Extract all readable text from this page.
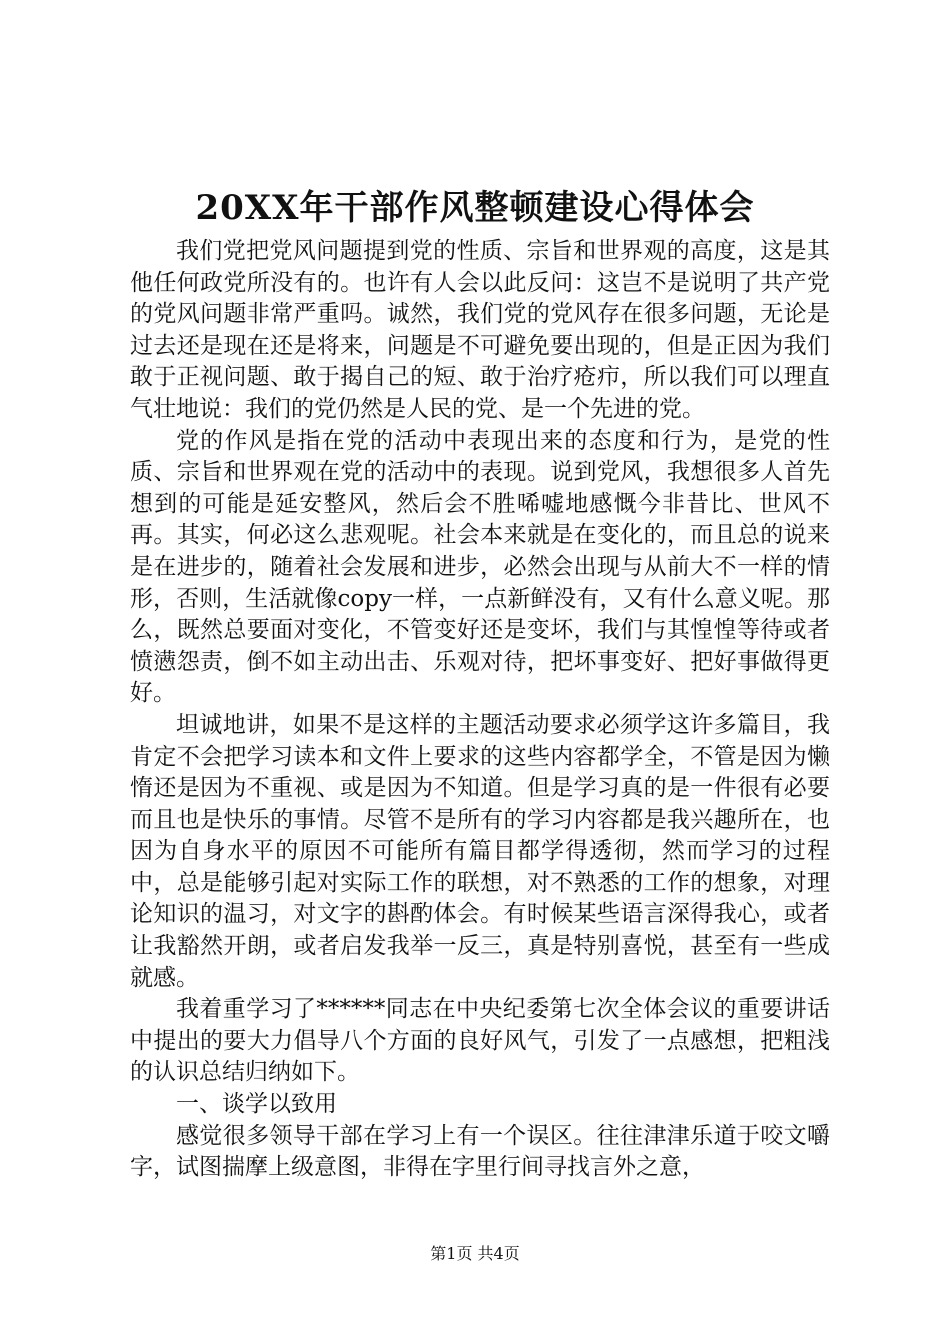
20XX年干部作风整顿建设心得体会

我们党把党风问题提到党的性质、宗旨和世界观的高度，这是其他任何政党所没有的。也许有人会以此反问：这岂不是说明了共产党的党风问题非常严重吗。诚然，我们党的党风存在很多问题，无论是过去还是现在还是将来，问题是不可避免要出现的，但是正因为我们敢于正视问题、敢于揭自己的短、敢于治疗疮疖，所以我们可以理直气壮地说：我们的党仍然是人民的党、是一个先进的党。

党的作风是指在党的活动中表现出来的态度和行为，是党的性质、宗旨和世界观在党的活动中的表现。说到党风，我想很多人首先想到的可能是延安整风，然后会不胜唏嘘地感慨今非昔比、世风不再。其实，何必这么悲观呢。社会本来就是在变化的，而且总的说来是在进步的，随着社会发展和进步，必然会出现与从前大不一样的情形，否则，生活就像copy一样，一点新鲜没有，又有什么意义呢。那么，既然总要面对变化，不管变好还是变坏，我们与其惶惶等待或者愤懑怨责，倒不如主动出击、乐观对待，把坏事变好、把好事做得更好。

坦诚地讲，如果不是这样的主题活动要求必须学这许多篇目，我肯定不会把学习读本和文件上要求的这些内容都学全，不管是因为懒惰还是因为不重视、或是因为不知道。但是学习真的是一件很有必要而且也是快乐的事情。尽管不是所有的学习内容都是我兴趣所在，也因为自身水平的原因不可能所有篇目都学得透彻，然而学习的过程中，总是能够引起对实际工作的联想，对不熟悉的工作的想象，对理论知识的温习，对文字的斟酌体会。有时候某些语言深得我心，或者让我豁然开朗，或者启发我举一反三，真是特别喜悦，甚至有一些成就感。

我着重学习了******同志在中央纪委第七次全体会议的重要讲话中提出的要大力倡导八个方面的良好风气，引发了一点感想，把粗浅的认识总结归纳如下。

一、谈学以致用

感觉很多领导干部在学习上有一个误区。往往津津乐道于咬文嚼字，试图揣摩上级意图，非得在字里行间寻找言外之意，

第1页 共4页
